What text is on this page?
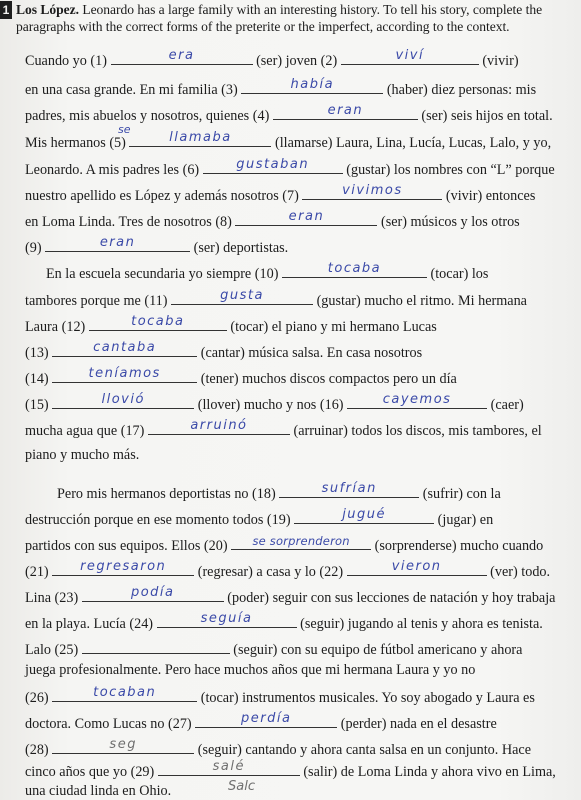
1 Los López. Leonardo has a large family with an interesting history. To tell his story, complete the
paragraphs with the correct forms of the preterite or the imperfect, according to the context.
Cuando yo (1)	era	(ser) joven (2)	viví	(vivir)
en una casa grande. En mi familia (3)	había	(haber) diez personas: mis
padres, mis abuelos y nosotros, quienes (4)	eran	(ser) seis hijos en total.
Mis hermanos (5)	llamaba	(llamarse) Laura, Lina, Lucía, Lucas, Lalo, y yo,
se
Leonardo. A mis padres les (6)	gustaban	(gustar) los nombres con “L” porque
nuestro apellido es López y además nosotros (7)	vivimos	(vivir) entonces
en Loma Linda. Tres de nosotros (8)	eran	(ser) músicos y los otros
(9)	eran	(ser) deportistas.
En la escuela secundaria yo siempre (10)	tocaba	(tocar) los
tambores porque me (11)	gusta	(gustar) mucho el ritmo. Mi hermana
Laura (12)	tocaba	(tocar) el piano y mi hermano Lucas
(13)	cantaba	(cantar) música salsa. En casa nosotros
(14)	teníamos	(tener) muchos discos compactos pero un día
(15)	llovió	(llover) mucho y nos (16)	cayemos	(caer)
mucha agua que (17)	arruinó	(arruinar) todos los discos, mis tambores, el
piano y mucho más.
Pero mis hermanos deportistas no (18)	sufrían	(sufrir) con la
destrucción porque en ese momento todos (19)	jugué	(jugar) en
partidos con sus equipos. Ellos (20)	se sorprenderon	(sorprenderse) mucho cuando
(21)	regresaron	(regresar) a casa y lo (22)	vieron	(ver) todo.
Lina (23)	podía	(poder) seguir con sus lecciones de natación y hoy trabaja
en la playa. Lucía (24)	seguía	(seguir) jugando al tenis y ahora es tenista.
Lalo (25)	(seguir) con su equipo de fútbol americano y ahora
juega profesionalmente. Pero hace muchos años que mi hermana Laura y yo no
(26)	tocaban	(tocar) instrumentos musicales. Yo soy abogado y Laura es
doctora. Como Lucas no (27)	perdía	(perder) nada en el desastre
(28)	seg	(seguir) cantando y ahora canta salsa en un conjunto. Hace
cinco años que yo (29)	salé	(salir) de Loma Linda y ahora vivo en Lima,
Salc
una ciudad linda en Ohio.
